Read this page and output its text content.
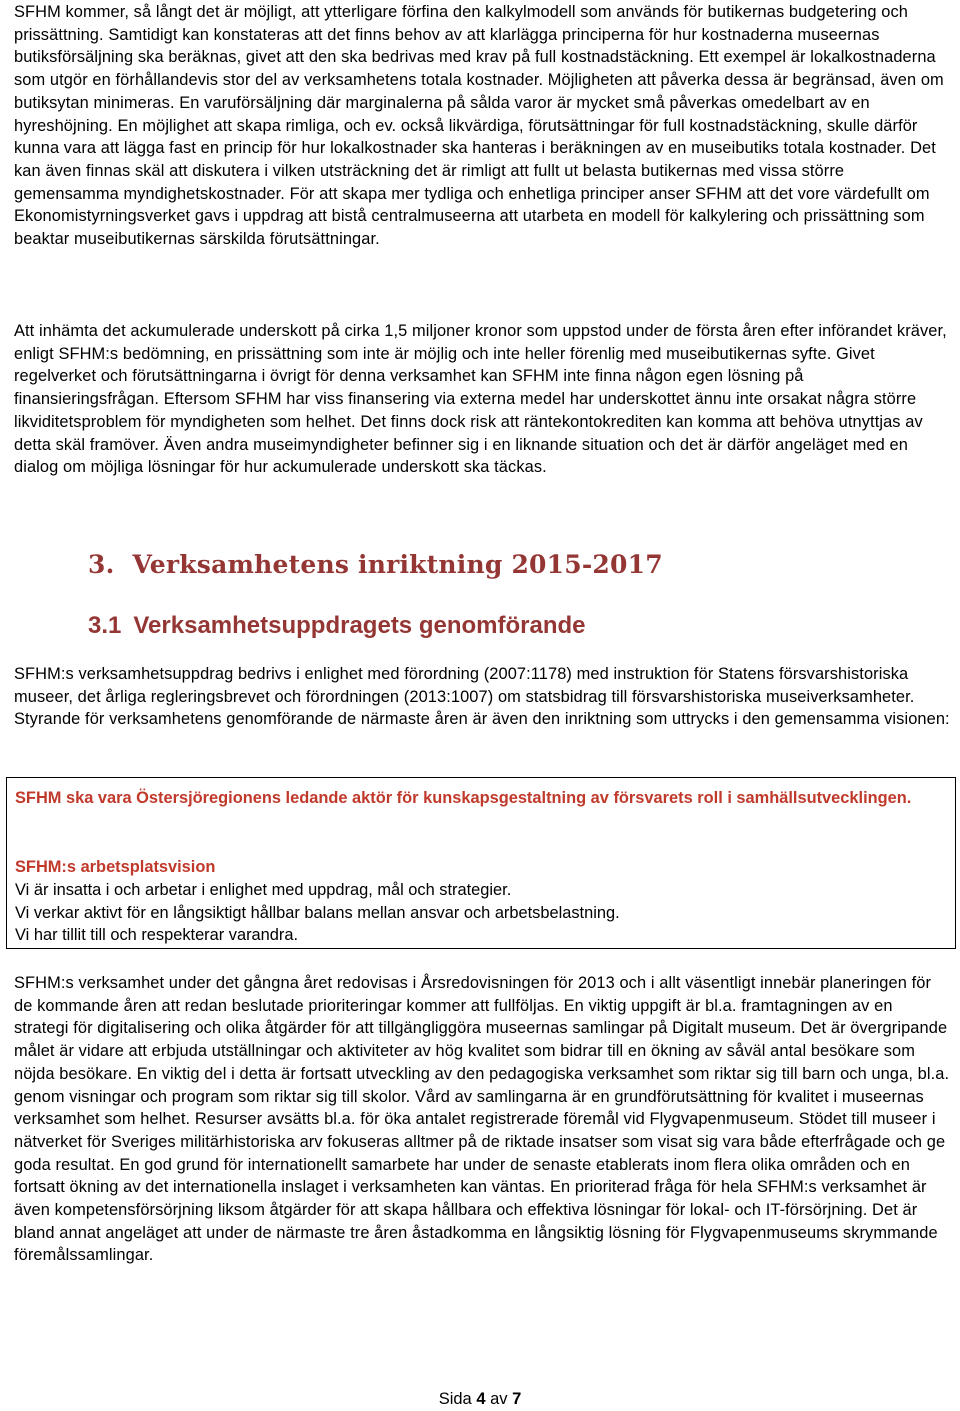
SFHM kommer, så långt det är möjligt, att ytterligare förfina den kalkylmodell som används för butikernas budgetering och prissättning. Samtidigt kan konstateras att det finns behov av att klarlägga principerna för hur kostnaderna museernas butiksförsäljning ska beräknas, givet att den ska bedrivas med krav på full kostnadstäckning. Ett exempel är lokalkostnaderna som utgör en förhållandevis stor del av verksamhetens totala kostnader. Möjligheten att påverka dessa är begränsad, även om butiksytan minimeras. En varuförsäljning där marginalerna på sålda varor är mycket små påverkas omedelbart av en hyreshöjning. En möjlighet att skapa rimliga, och ev. också likvärdiga, förutsättningar för full kostnadstäckning, skulle därför kunna vara att lägga fast en princip för hur lokalkostnader ska hanteras i beräkningen av en museibutiks totala kostnader. Det kan även finnas skäl att diskutera i vilken utsträckning det är rimligt att fullt ut belasta butikernas med vissa större gemensamma myndighetskostnader. För att skapa mer tydliga och enhetliga principer anser SFHM att det vore värdefullt om Ekonomistyrningsverket gavs i uppdrag att bistå centralmuseerna att utarbeta en modell för kalkylering och prissättning som beaktar museibutikernas särskilda förutsättningar.

Att inhämta det ackumulerade underskott på cirka 1,5 miljoner kronor som uppstod under de första åren efter införandet kräver, enligt SFHM:s bedömning, en prissättning som inte är möjlig och inte heller förenlig med museibutikernas syfte. Givet regelverket och förutsättningarna i övrigt för denna verksamhet kan SFHM inte finna någon egen lösning på finansieringsfrågan. Eftersom SFHM har viss finansering via externa medel har underskottet ännu inte orsakat några större likviditetsproblem för myndigheten som helhet. Det finns dock risk att räntekontokrediten kan komma att behöva utnyttjas av detta skäl framöver. Även andra museimyndigheter befinner sig i en liknande situation och det är därför angeläget med en dialog om möjliga lösningar för hur ackumulerade underskott ska täckas.

3. Verksamhetens inriktning 2015-2017
3.1 Verksamhetsuppdragets genomförande

SFHM:s verksamhetsuppdrag bedrivs i enlighet med förordning (2007:1178) med instruktion för Statens försvarshistoriska museer, det årliga regleringsbrevet och förordningen (2013:1007) om statsbidrag till försvarshistoriska museiverksamheter. Styrande för verksamhetens genomförande de närmaste åren är även den inriktning som uttrycks i den gemensamma visionen:

SFHM ska vara Östersjöregionens ledande aktör för kunskapsgestaltning av försvarets roll i samhällsutvecklingen.

SFHM:s arbetsplatsvision

Vi är insatta i och arbetar i enlighet med uppdrag, mål och strategier.
Vi verkar aktivt för en långsiktigt hållbar balans mellan ansvar och arbetsbelastning.
Vi har tillit till och respekterar varandra.

SFHM:s verksamhet under det gångna året redovisas i Årsredovisningen för 2013 och i allt väsentligt innebär planeringen för de kommande åren att redan beslutade prioriteringar kommer att fullföljas. En viktig uppgift är bl.a. framtagningen av en strategi för digitalisering och olika åtgärder för att tillgängliggöra museernas samlingar på Digitalt museum. Det är övergripande målet är vidare att erbjuda utställningar och aktiviteter av hög kvalitet som bidrar till en ökning av såväl antal besökare som nöjda besökare. En viktig del i detta är fortsatt utveckling av den pedagogiska verksamhet som riktar sig till barn och unga, bl.a. genom visningar och program som riktar sig till skolor. Vård av samlingarna är en grundförutsättning för kvalitet i museernas verksamhet som helhet. Resurser avsätts bl.a. för öka antalet registrerade föremål vid Flygvapenmuseum. Stödet till museer i nätverket för Sveriges militärhistoriska arv fokuseras alltmer på de riktade insatser som visat sig vara både efterfrågade och ge goda resultat. En god grund för internationellt samarbete har under de senaste etablerats inom flera olika områden och en fortsatt ökning av det internationella inslaget i verksamheten kan väntas. En prioriterad fråga för hela SFHM:s verksamhet är även kompetensförsörjning liksom åtgärder för att skapa hållbara och effektiva lösningar för lokal- och IT-försörjning. Det är bland annat angeläget att under de närmaste tre åren åstadkomma en långsiktig lösning för Flygvapenmuseums skrymmande föremålssamlingar.

Sida 4 av 7
